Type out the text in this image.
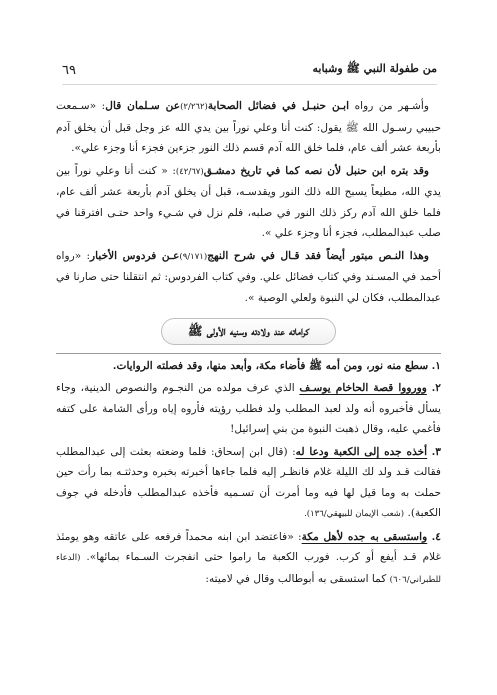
من طفولة النبي ﷺ وشبابه
٦٩

وأشـهر من رواه ابـن حنبـل في فضائل الصحابة(٢/٢٦٢)عن سـلمان قال: «سـمعت حبيبي رسـول الله ﷺ يقول: كنت أنا وعلي نوراً بين يدي الله عز وجل قبل أن يخلق آدم بأربعة عشر ألف عام، فلما خلق الله آدم قسم ذلك النور جزءين فجزء أنا وجزء علي».

وقد بتره ابن حنبل لأن نصه كما في تاريخ دمشـق(٤٢/٦٧): « كنت أنا وعلي نوراً بين يدي الله، مطيعاً يسبح الله ذلك النور ويقدسـه، قبل أن يخلق آدم بأربعة عشر ألف عام، فلما خلق الله آدم ركز ذلك النور في صلبه، فلم نزل في شـيء واحد حتـى افترقنا في صلب عبدالمطلب، فجزء أنا وجزء علي ».

وهذا النـص مبتور أيضاً فقد قـال في شرح النهج(٩/١٧١)عـن فردوس الأخبار: «رواه أحمد في المسـند وفي كتاب فضائل علي. وفي كتاب الفردوس: ثم انتقلنا حتى صارنا في عبدالمطلب، فكان لي النبوة ولعلي الوصية ».

كراماته عند ولادته وسنيه الأولى ﷺ
١. سطع منه نور، ومن أمه ﷺ فأضاء مكة، وأبعد منها، وقد فصلته الروايات.
٢. وورووا قصة الحاخام يوسـف الذي عرف مولده من النجـوم والنصوص الدينية، وجاء يسأل فأخبروه أنه ولد لعبد المطلب ولد فطلب رؤيته فأروه إياه ورأى الشامة على كتفه فأغمي عليه، وقال ذهبت النبوة من بني إسرائيل!
٣. أخذه جده إلى الكعبة ودعا له: (قال ابن إسحاق: فلما وضعته بعثت إلى عبدالمطلب فقالت قـد ولد لك الليلة غلام فانظـر إليه فلما جاءها أخبرته بخبره وحدثتـه بما رأت حين حملت به وما قيل لها فيه وما أمرت أن تسـميه فأخذه عبدالمطلب فأدخله في جوف الكعبة). (شعب الإيمان للبيهقي/١٣٦).
٤. واستسقى به جده لأهل مكة: «فاعتضد ابن ابنه محمداً فرفعه على عاتقه وهو يومئذ غلام قـد أيفع أو كرب. فورب الكعبة ما راموا حتى انفجرت السـماء بمائها». (الدعاء للطبراني/٦٠٦) كما استسقى به أبوطالب وقال في لاميته:
